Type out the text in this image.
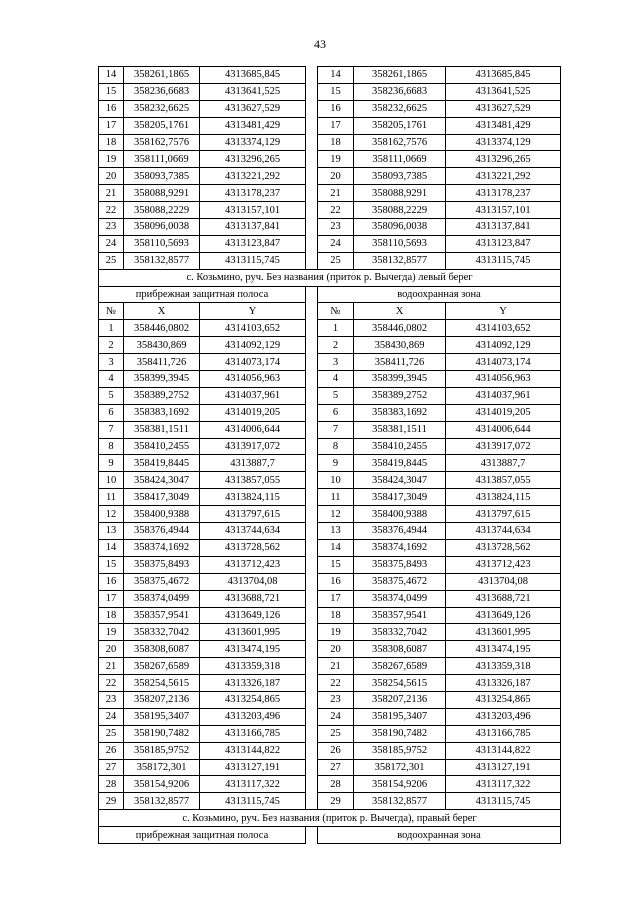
43
14	358261,1865	4313685,845		14	358261,1865	4313685,845
15	358236,6683	4313641,525		15	358236,6683	4313641,525
16	358232,6625	4313627,529		16	358232,6625	4313627,529
17	358205,1761	4313481,429		17	358205,1761	4313481,429
18	358162,7576	4313374,129		18	358162,7576	4313374,129
19	358111,0669	4313296,265		19	358111,0669	4313296,265
20	358093,7385	4313221,292		20	358093,7385	4313221,292
21	358088,9291	4313178,237		21	358088,9291	4313178,237
22	358088,2229	4313157,101		22	358088,2229	4313157,101
23	358096,0038	4313137,841		23	358096,0038	4313137,841
24	358110,5693	4313123,847		24	358110,5693	4313123,847
25	358132,8577	4313115,745		25	358132,8577	4313115,745
с. Козьмино, руч. Без названия (приток р. Вычегда) левый берег						
прибрежная защитная полоса				водоохранная зона		
№	X	Y		№	X	Y
1	358446,0802	4314103,652		1	358446,0802	4314103,652
2	358430,869	4314092,129		2	358430,869	4314092,129
3	358411,726	4314073,174		3	358411,726	4314073,174
4	358399,3945	4314056,963		4	358399,3945	4314056,963
5	358389,2752	4314037,961		5	358389,2752	4314037,961
6	358383,1692	4314019,205		6	358383,1692	4314019,205
7	358381,1511	4314006,644		7	358381,1511	4314006,644
8	358410,2455	4313917,072		8	358410,2455	4313917,072
9	358419,8445	4313887,7		9	358419,8445	4313887,7
10	358424,3047	4313857,055		10	358424,3047	4313857,055
11	358417,3049	4313824,115		11	358417,3049	4313824,115
12	358400,9388	4313797,615		12	358400,9388	4313797,615
13	358376,4944	4313744,634		13	358376,4944	4313744,634
14	358374,1692	4313728,562		14	358374,1692	4313728,562
15	358375,8493	4313712,423		15	358375,8493	4313712,423
16	358375,4672	4313704,08		16	358375,4672	4313704,08
17	358374,0499	4313688,721		17	358374,0499	4313688,721
18	358357,9541	4313649,126		18	358357,9541	4313649,126
19	358332,7042	4313601,995		19	358332,7042	4313601,995
20	358308,6087	4313474,195		20	358308,6087	4313474,195
21	358267,6589	4313359,318		21	358267,6589	4313359,318
22	358254,5615	4313326,187		22	358254,5615	4313326,187
23	358207,2136	4313254,865		23	358207,2136	4313254,865
24	358195,3407	4313203,496		24	358195,3407	4313203,496
25	358190,7482	4313166,785		25	358190,7482	4313166,785
26	358185,9752	4313144,822		26	358185,9752	4313144,822
27	358172,301	4313127,191		27	358172,301	4313127,191
28	358154,9206	4313117,322		28	358154,9206	4313117,322
29	358132,8577	4313115,745		29	358132,8577	4313115,745
с. Козьмино, руч. Без названия (приток р. Вычегда), правый берег						
прибрежная защитная полоса				водоохранная зона		
